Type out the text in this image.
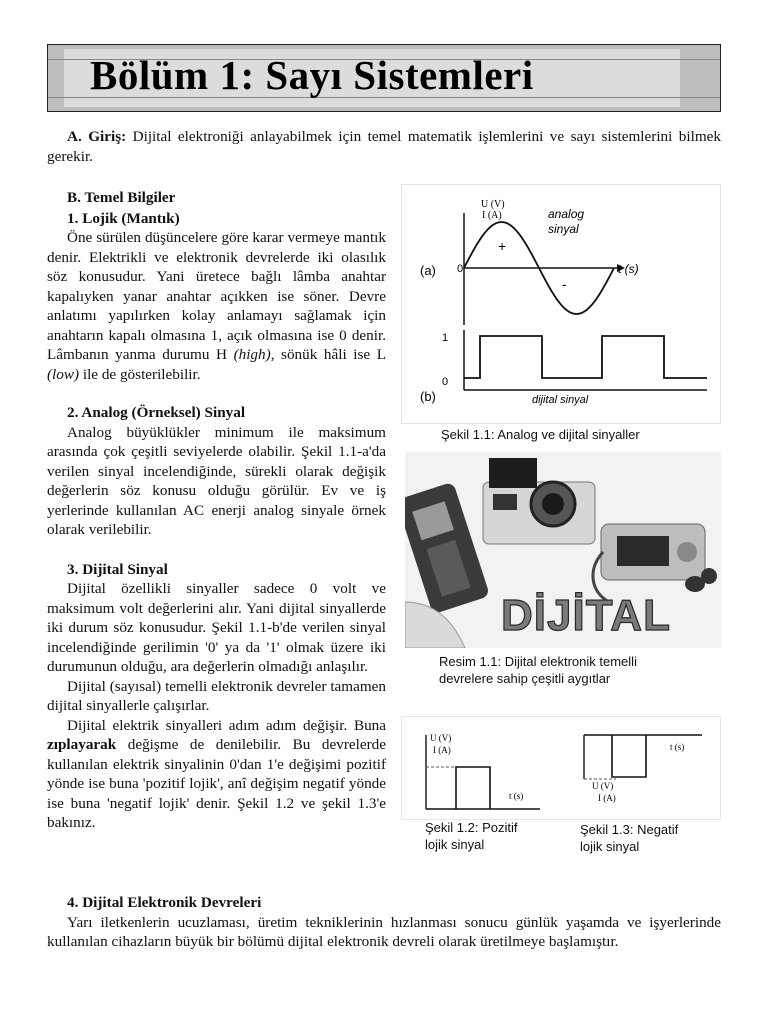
Bölüm 1: Sayı Sistemleri

A. Giriş: Dijital elektroniği anlayabilmek için temel matematik işlemlerini ve sayı sistemlerini bilmek gerekir.

B. Temel Bilgiler

1. Lojik (Mantık)

Öne sürülen düşüncelere göre karar vermeye mantık denir. Elektrikli ve elektronik devrelerde iki olasılık söz konusudur. Yani üretece bağlı lâmba anahtar kapalıyken yanar anahtar açıkken ise söner. Devre anlatımı yapılırken kolay anlamayı sağlamak için anahtarın kapalı olmasına 1, açık olmasına ise 0 denir. Lâmbanın yanma durumu H (high), sönük hâli ise L (low) ile de gösterilebilir.

2. Analog (Örneksel) Sinyal

Analog büyüklükler minimum ile maksimum arasında çok çeşitli seviyelerde olabilir. Şekil 1.1-a'da verilen sinyal incelendiğinde, sürekli olarak değişik değerlerin söz konusu olduğu görülür. Ev ve iş yerlerinde kullanılan AC enerji analog sinyale örnek olarak verilebilir.

3. Dijital Sinyal

Dijital özellikli sinyaller sadece 0 volt ve maksimum volt değerlerini alır. Yani dijital sinyallerde iki durum söz konusudur. Şekil 1.1-b'de verilen sinyal incelendiğinde gerilimin '0' ya da '1' olmak üzere iki durumunun olduğu, ara değerlerin olmadığı anlaşılır.

Dijital (sayısal) temelli elektronik devreler tamamen dijital sinyallerle çalışırlar.

Dijital elektrik sinyalleri adım adım değişir. Buna zıplayarak değişme de denilebilir. Bu devrelerde kullanılan elektrik sinyalinin 0'dan 1'e değişimi pozitif yönde ise buna 'pozitif lojik', anî değişim negatif yönde ise buna 'negatif lojik' denir. Şekil 1.2 ve şekil 1.3'e bakınız.

4. Dijital Elektronik Devreleri

Yarı iletkenlerin ucuzlaması, üretim tekniklerinin hızlanması sonucu günlük yaşamda ve işyerlerinde kullanılan cihazların büyük bir bölümü dijital elektronik devreli olarak üretilmeye başlamıştır.

U (V)
I (A)	analog
sinyal
(a) 0	t (s)
+
-
1
0
(b)	dijital sinyal
Şekil 1.1: Analog ve dijital sinyaller
DİJİTAL
Resim 1.1: Dijital elektronik temelli
devrelere sahip çeşitli aygıtlar
U (V)
I (A)
t (s)
t (s)
U (V)
I (A)
Şekil 1.2: Pozitif
lojik sinyal
Şekil 1.3: Negatif
lojik sinyal
